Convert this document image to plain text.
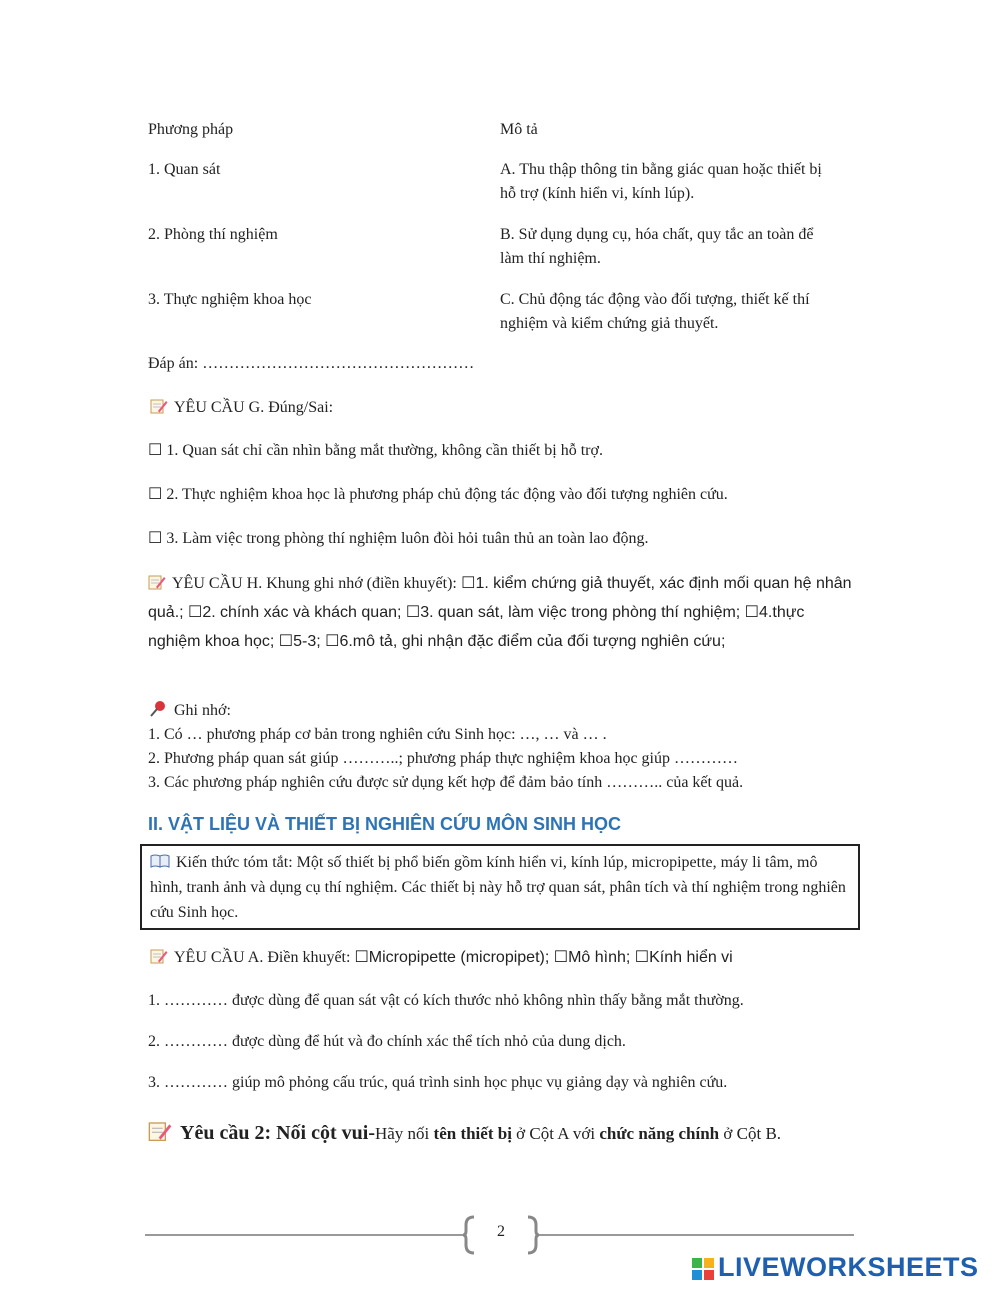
Phương pháp	Mô tả
1. Quan sát	A. Thu thập thông tin bằng giác quan hoặc thiết bị hỗ trợ (kính hiển vi, kính lúp).
2. Phòng thí nghiệm	B. Sử dụng dụng cụ, hóa chất, quy tắc an toàn để làm thí nghiệm.
3. Thực nghiệm khoa học	C. Chủ động tác động vào đối tượng, thiết kế thí nghiệm và kiểm chứng giả thuyết.
Đáp án: ……………………………………………
YÊU CẦU G. Đúng/Sai:
☐ 1. Quan sát chỉ cần nhìn bằng mắt thường, không cần thiết bị hỗ trợ.
☐ 2. Thực nghiệm khoa học là phương pháp chủ động tác động vào đối tượng nghiên cứu.
☐ 3. Làm việc trong phòng thí nghiệm luôn đòi hỏi tuân thủ an toàn lao động.
YÊU CẦU H. Khung ghi nhớ (điền khuyết): ☐1. kiểm chứng giả thuyết, xác định mối quan hệ nhân quả.; ☐2. chính xác và khách quan; ☐3. quan sát, làm việc trong phòng thí nghiệm; ☐4.thực nghiệm khoa học; ☐5-3; ☐6.mô tả, ghi nhận đặc điểm của đối tượng nghiên cứu;
Ghi nhớ:
1. Có … phương pháp cơ bản trong nghiên cứu Sinh học: …, … và … .
2. Phương pháp quan sát giúp ………..; phương pháp thực nghiệm khoa học giúp …………
3. Các phương pháp nghiên cứu được sử dụng kết hợp để đảm bảo tính ……….. của kết quả.
II. VẬT LIỆU VÀ THIẾT BỊ NGHIÊN CỨU MÔN SINH HỌC
Kiến thức tóm tắt: Một số thiết bị phổ biến gồm kính hiển vi, kính lúp, micropipette, máy li tâm, mô hình, tranh ảnh và dụng cụ thí nghiệm. Các thiết bị này hỗ trợ quan sát, phân tích và thí nghiệm trong nghiên cứu Sinh học.
YÊU CẦU A. Điền khuyết: ☐Micropipette (micropipet); ☐Mô hình; ☐Kính hiển vi
1. ………… được dùng để quan sát vật có kích thước nhỏ không nhìn thấy bằng mắt thường.
2. ………… được dùng để hút và đo chính xác thể tích nhỏ của dung dịch.
3. ………… giúp mô phỏng cấu trúc, quá trình sinh học phục vụ giảng dạy và nghiên cứu.
Yêu cầu 2: Nối cột vui-Hãy nối tên thiết bị ở Cột A với chức năng chính ở Cột B.
2
LIVEWORKSHEETS
